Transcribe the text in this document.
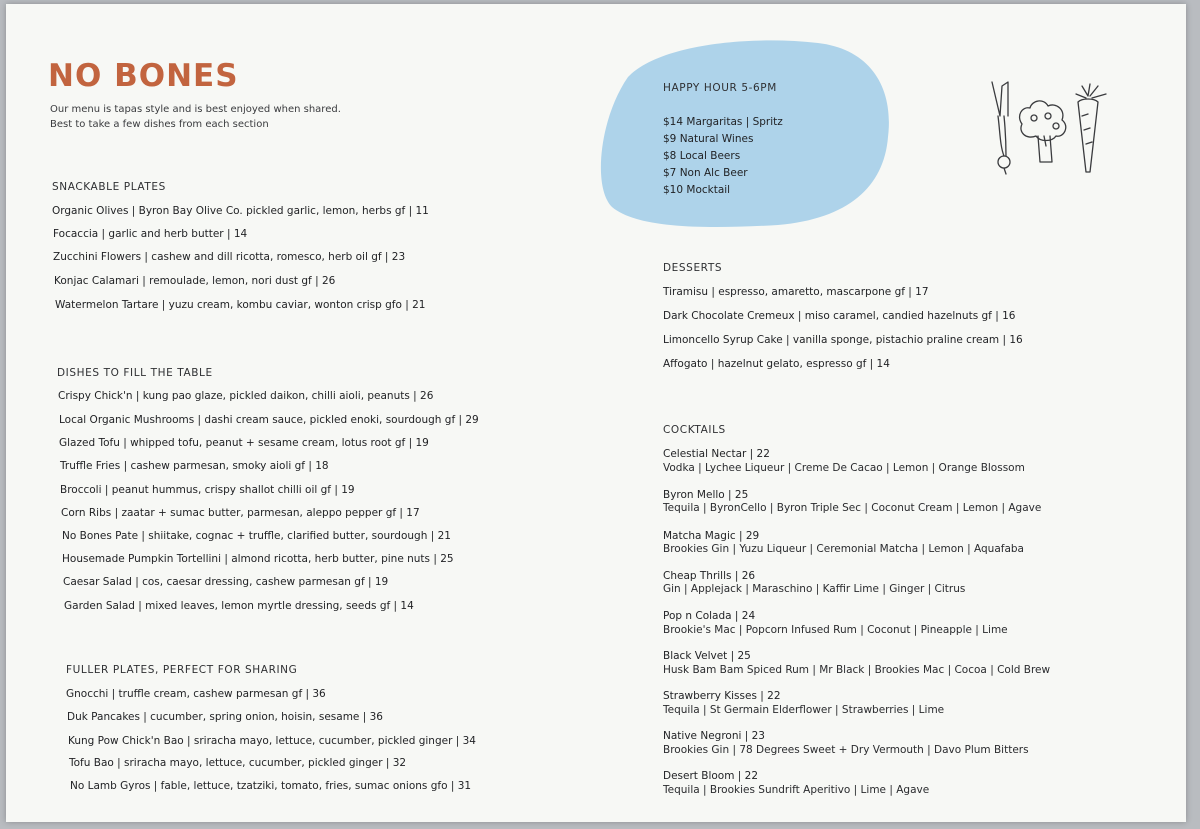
NO BONES
Our menu is tapas style and is best enjoyed when shared.
Best to take a few dishes from each section
HAPPY HOUR 5-6PM
$14 Margaritas | Spritz
$9 Natural Wines
$8 Local Beers
$7 Non Alc Beer
$10 Mocktail
SNACKABLE PLATES
Organic Olives | Byron Bay Olive Co. pickled garlic, lemon, herbs gf | 11
Focaccia | garlic and herb butter | 14
Zucchini Flowers | cashew and dill ricotta, romesco, herb oil gf | 23
Konjac Calamari | remoulade, lemon, nori dust gf | 26
Watermelon Tartare | yuzu cream, kombu caviar, wonton crisp gfo | 21
DISHES TO FILL THE TABLE
Crispy Chick'n | kung pao glaze, pickled daikon, chilli aioli, peanuts | 26
Local Organic Mushrooms | dashi cream sauce, pickled enoki, sourdough gf | 29
Glazed Tofu | whipped tofu, peanut + sesame cream, lotus root gf | 19
Truffle Fries | cashew parmesan, smoky aioli gf | 18
Broccoli | peanut hummus, crispy shallot chilli oil gf | 19
Corn Ribs | zaatar + sumac butter, parmesan, aleppo pepper gf | 17
No Bones Pate | shiitake, cognac + truffle, clarified butter, sourdough | 21
Housemade Pumpkin Tortellini | almond ricotta, herb butter, pine nuts | 25
Caesar Salad | cos, caesar dressing, cashew parmesan gf | 19
Garden Salad | mixed leaves, lemon myrtle dressing, seeds gf | 14
FULLER PLATES, PERFECT FOR SHARING
Gnocchi | truffle cream, cashew parmesan gf | 36
Duk Pancakes | cucumber, spring onion, hoisin, sesame | 36
Kung Pow Chick'n Bao | sriracha mayo, lettuce, cucumber, pickled ginger | 34
Tofu Bao | sriracha mayo, lettuce, cucumber, pickled ginger | 32
No Lamb Gyros | fable, lettuce, tzatziki, tomato, fries, sumac onions gfo | 31
DESSERTS
Tiramisu | espresso, amaretto, mascarpone gf | 17
Dark Chocolate Cremeux | miso caramel, candied hazelnuts gf | 16
Limoncello Syrup Cake | vanilla sponge, pistachio praline cream | 16
Affogato | hazelnut gelato, espresso gf | 14
COCKTAILS
Celestial Nectar | 22
Vodka | Lychee Liqueur | Creme De Cacao | Lemon | Orange Blossom
Byron Mello | 25
Tequila | ByronCello | Byron Triple Sec | Coconut Cream | Lemon | Agave
Matcha Magic | 29
Brookies Gin | Yuzu Liqueur | Ceremonial Matcha | Lemon | Aquafaba
Cheap Thrills | 26
Gin | Applejack | Maraschino | Kaffir Lime | Ginger | Citrus
Pop n Colada | 24
Brookie's Mac | Popcorn Infused Rum | Coconut | Pineapple | Lime
Black Velvet | 25
Husk Bam Bam Spiced Rum | Mr Black | Brookies Mac | Cocoa | Cold Brew
Strawberry Kisses | 22
Tequila | St Germain Elderflower | Strawberries | Lime
Native Negroni | 23
Brookies Gin | 78 Degrees Sweet + Dry Vermouth | Davo Plum Bitters
Desert Bloom | 22
Tequila | Brookies Sundrift Aperitivo | Lime | Agave
